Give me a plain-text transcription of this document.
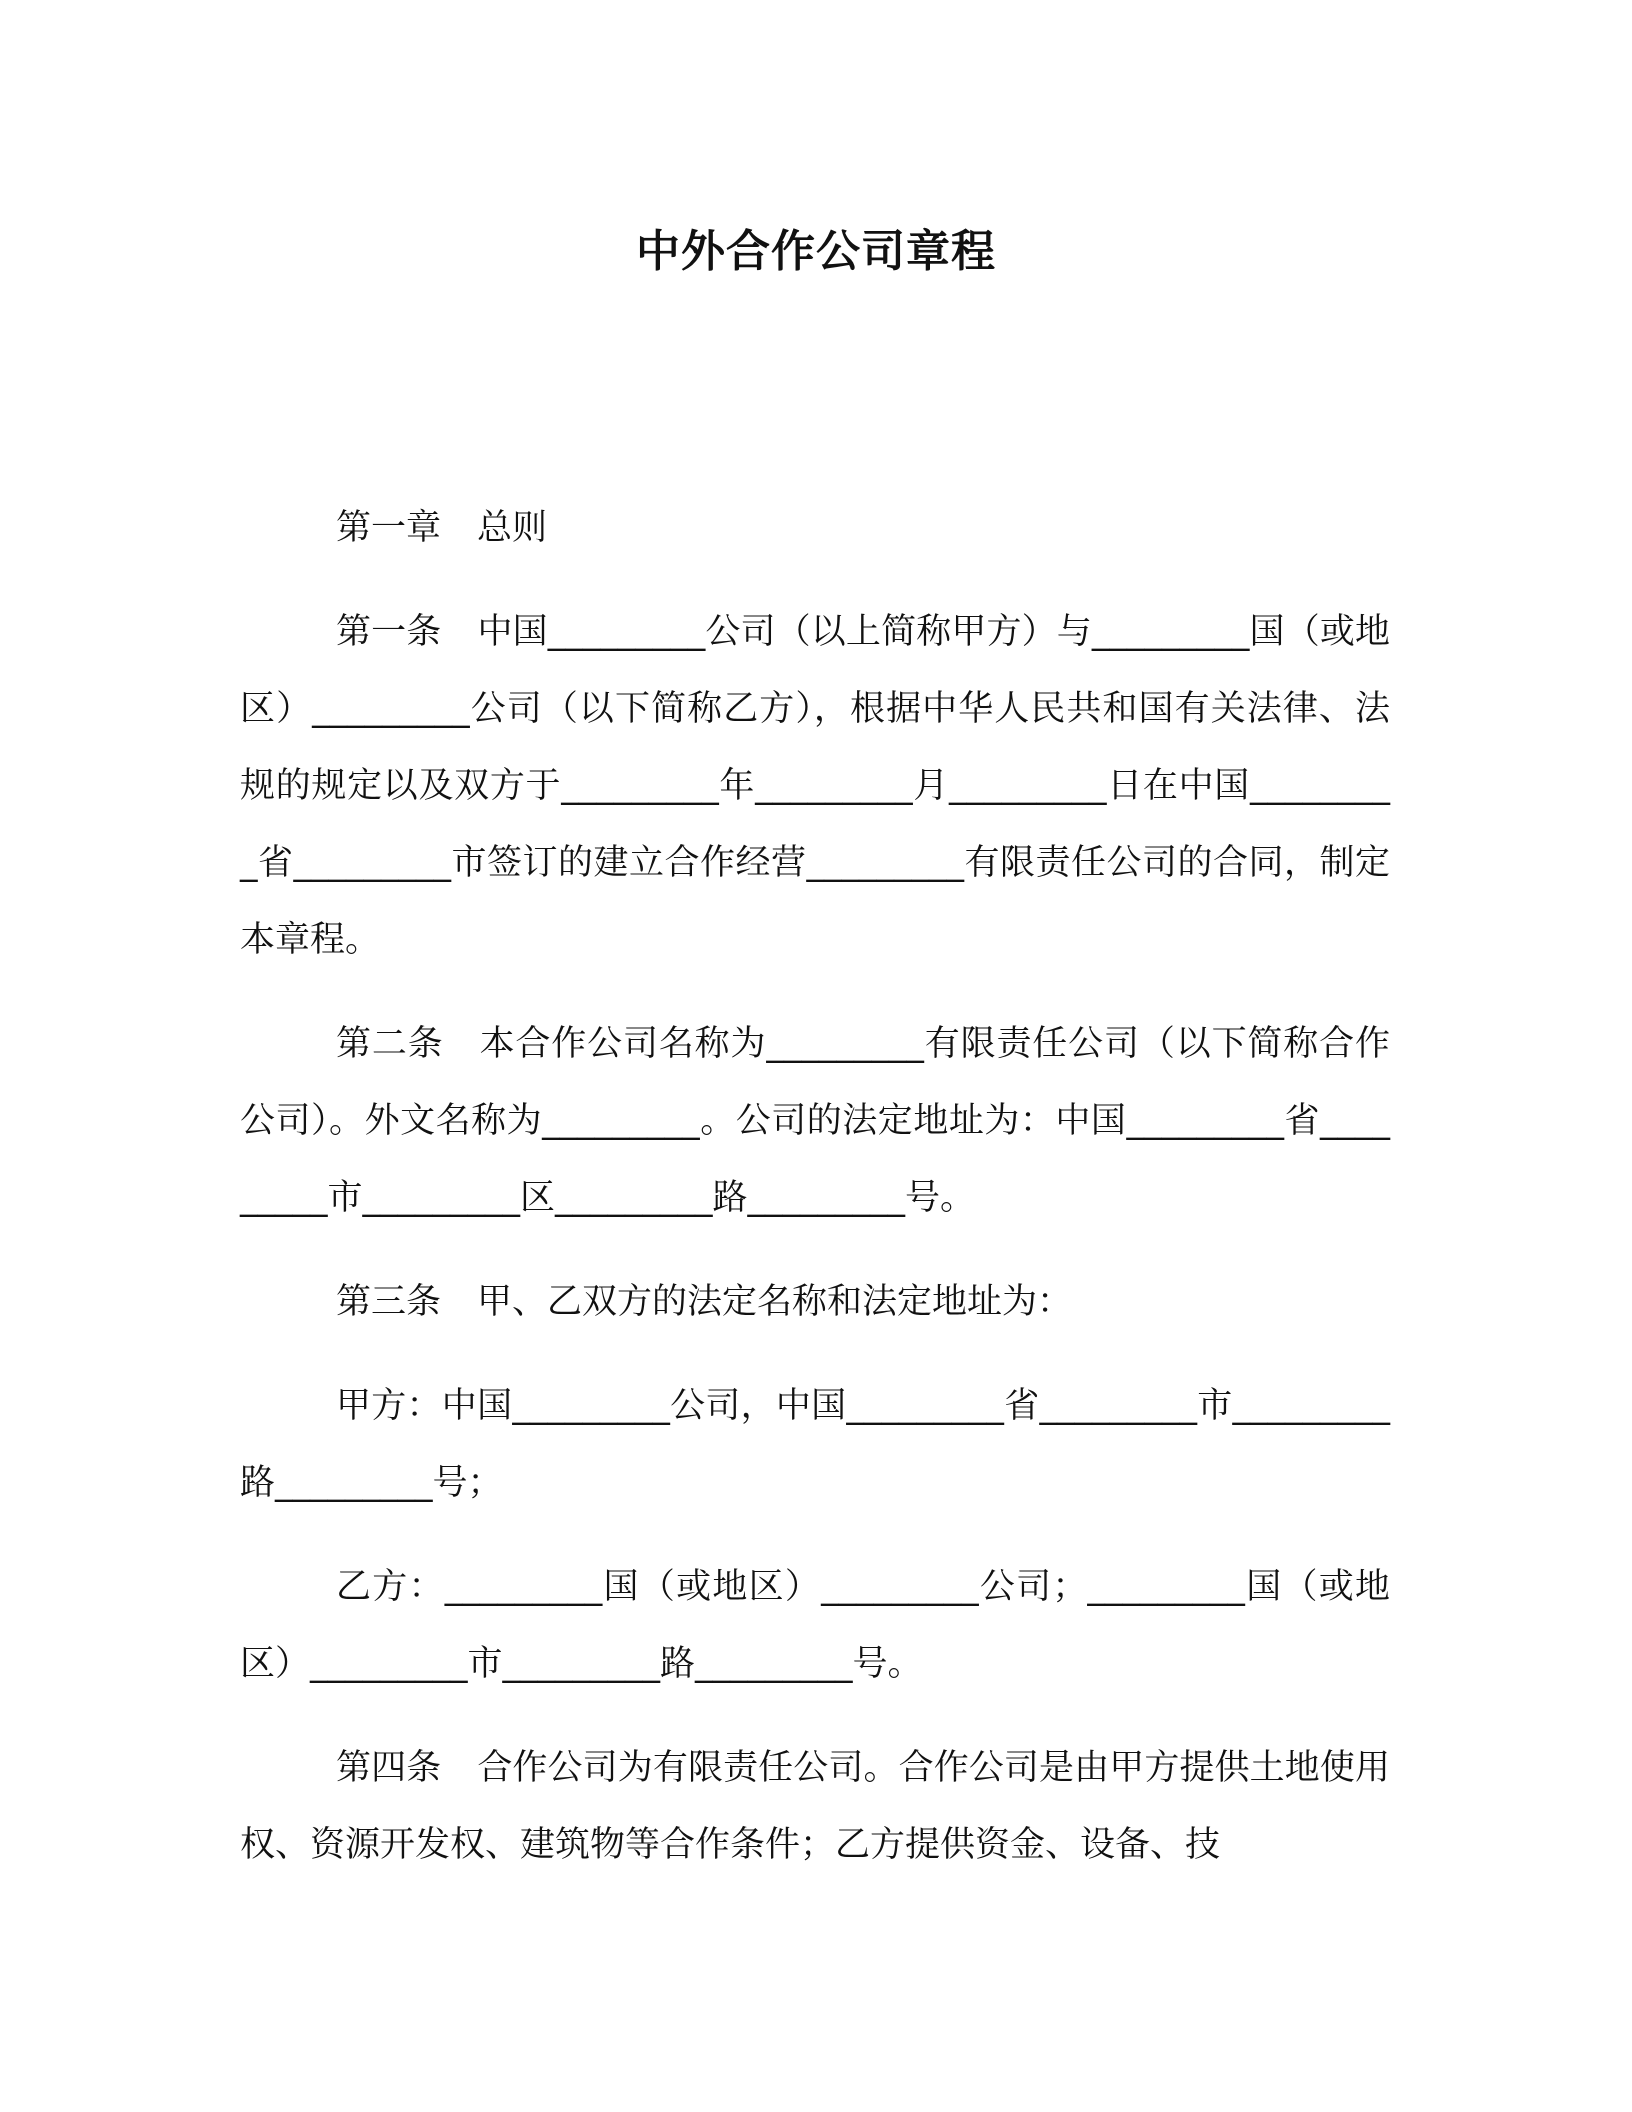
中外合作公司章程

第一章 总则

第一条 中国_________公司（以上简称甲方）与_________国（或地区）_________公司（以下简称乙方），根据中华人民共和国有关法律、法规的规定以及双方于_________年_________月_________日在中国_________省_________市签订的建立合作经营_________有限责任公司的合同，制定本章程。

第二条 本合作公司名称为_________有限责任公司（以下简称合作公司）。外文名称为_________。公司的法定地址为：中国_________省_________市_________区_________路_________号。

第三条 甲、乙双方的法定名称和法定地址为：

甲方：中国_________公司，中国_________省_________市_________路_________号；

乙方：_________国（或地区）_________公司；_________国（或地区）_________市_________路_________号。

第四条 合作公司为有限责任公司。合作公司是由甲方提供土地使用权、资源开发权、建筑物等合作条件；乙方提供资金、设备、技
